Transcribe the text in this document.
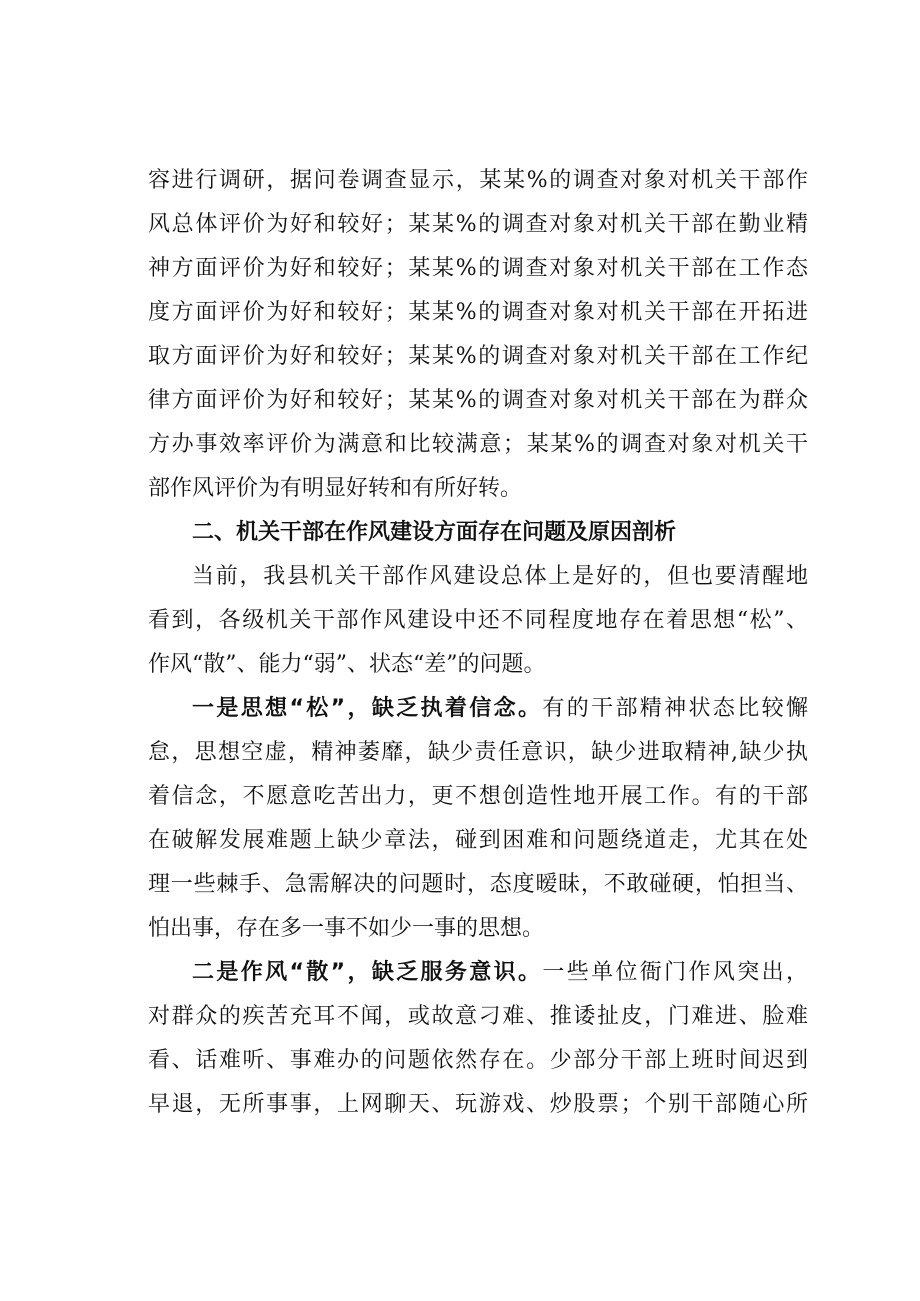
容进行调研，据问卷调查显示，某某%的调查对象对机关干部作
风总体评价为好和较好；某某%的调查对象对机关干部在勤业精
神方面评价为好和较好；某某%的调查对象对机关干部在工作态
度方面评价为好和较好；某某%的调查对象对机关干部在开拓进
取方面评价为好和较好；某某%的调查对象对机关干部在工作纪
律方面评价为好和较好；某某%的调查对象对机关干部在为群众
方办事效率评价为满意和比较满意；某某%的调查对象对机关干
部作风评价为有明显好转和有所好转。
二、机关干部在作风建设方面存在问题及原因剖析
当前，我县机关干部作风建设总体上是好的，但也要清醒地
看到，各级机关干部作风建设中还不同程度地存在着思想“松”、
作风“散”、能力“弱”、状态“差”的问题。
一是思想“松”，缺乏执着信念。有的干部精神状态比较懈
怠，思想空虚，精神萎靡，缺少责任意识，缺少进取精神,缺少执
着信念，不愿意吃苦出力，更不想创造性地开展工作。有的干部
在破解发展难题上缺少章法，碰到困难和问题绕道走，尤其在处
理一些棘手、急需解决的问题时，态度暧昧，不敢碰硬，怕担当、
怕出事，存在多一事不如少一事的思想。
二是作风“散”，缺乏服务意识。一些单位衙门作风突出，
对群众的疾苦充耳不闻，或故意刁难、推诿扯皮，门难进、脸难
看、话难听、事难办的问题依然存在。少部分干部上班时间迟到
早退，无所事事，上网聊天、玩游戏、炒股票；个别干部随心所
